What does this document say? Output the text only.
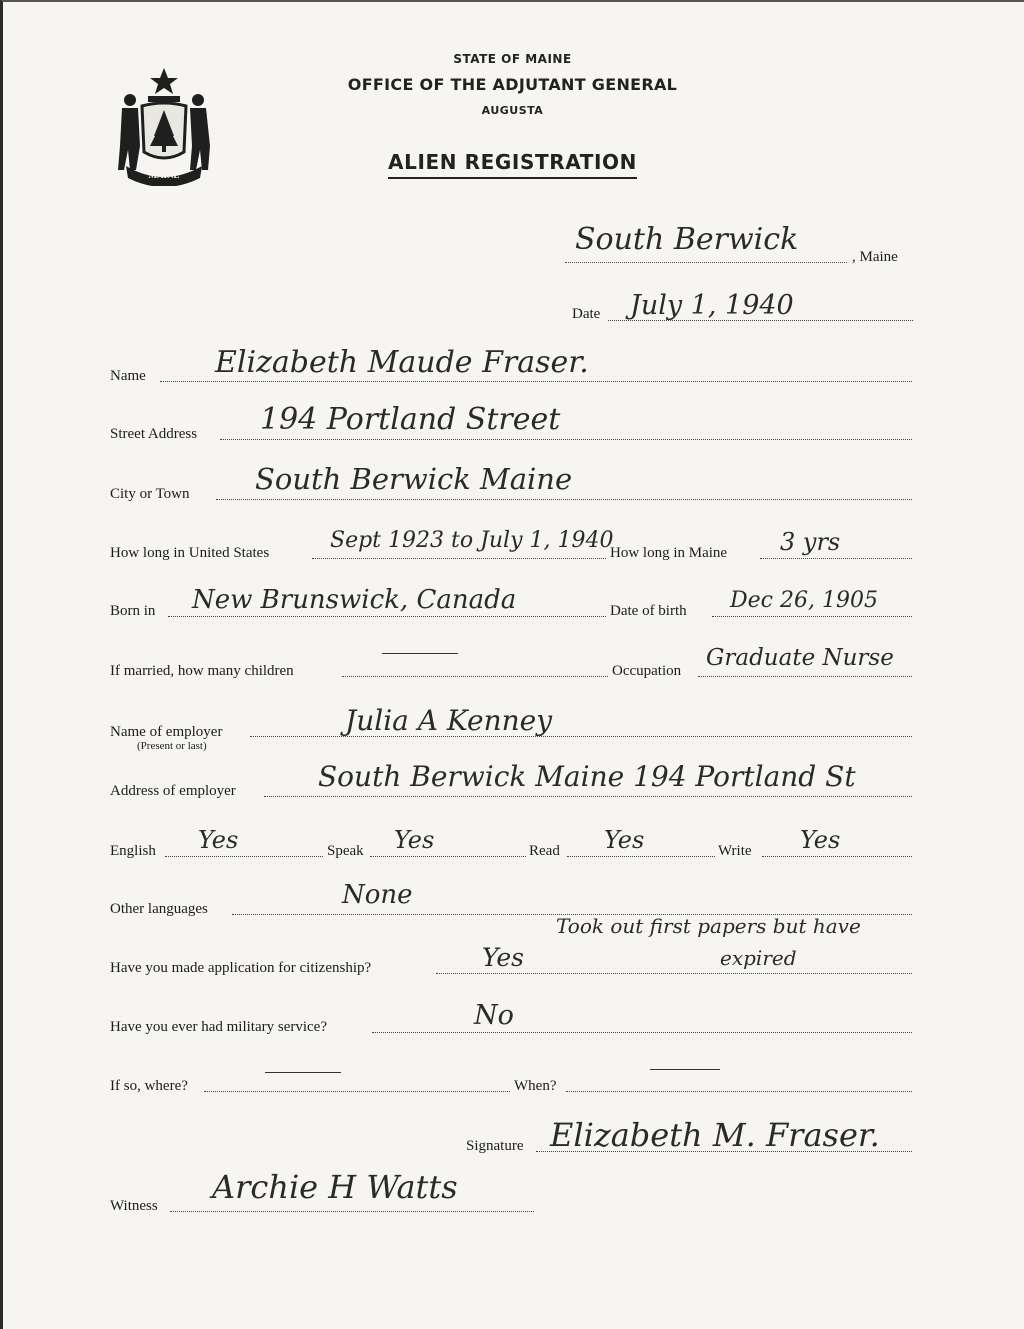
MAINE
STATE OF MAINE
OFFICE OF THE ADJUTANT GENERAL
AUGUSTA
ALIEN REGISTRATION
South Berwick	, Maine
Date July 1, 1940
Name Elizabeth Maude Fraser.
Street Address 194 Portland Street
City or Town South Berwick Maine
How long in United States	Sept 1923 to July 1, 1940
How long in Maine 3 yrs
Born in New Brunswick, Canada	Date of birth Dec 26, 1905
If married, how many children	Occupation Graduate Nurse
Name of employer
(Present or last)
Julia A Kenney
Address of employer	South Berwick Maine 194 Portland St
English Yes	Speak Yes	Read Yes	Write Yes
Other languages	None
Have you made application for citizenship?	Yes
Took out first papers but have
expired
Have you ever had military service?	No
If so, where?	When?
Signature Elizabeth M. Fraser.
Witness Archie H Watts
